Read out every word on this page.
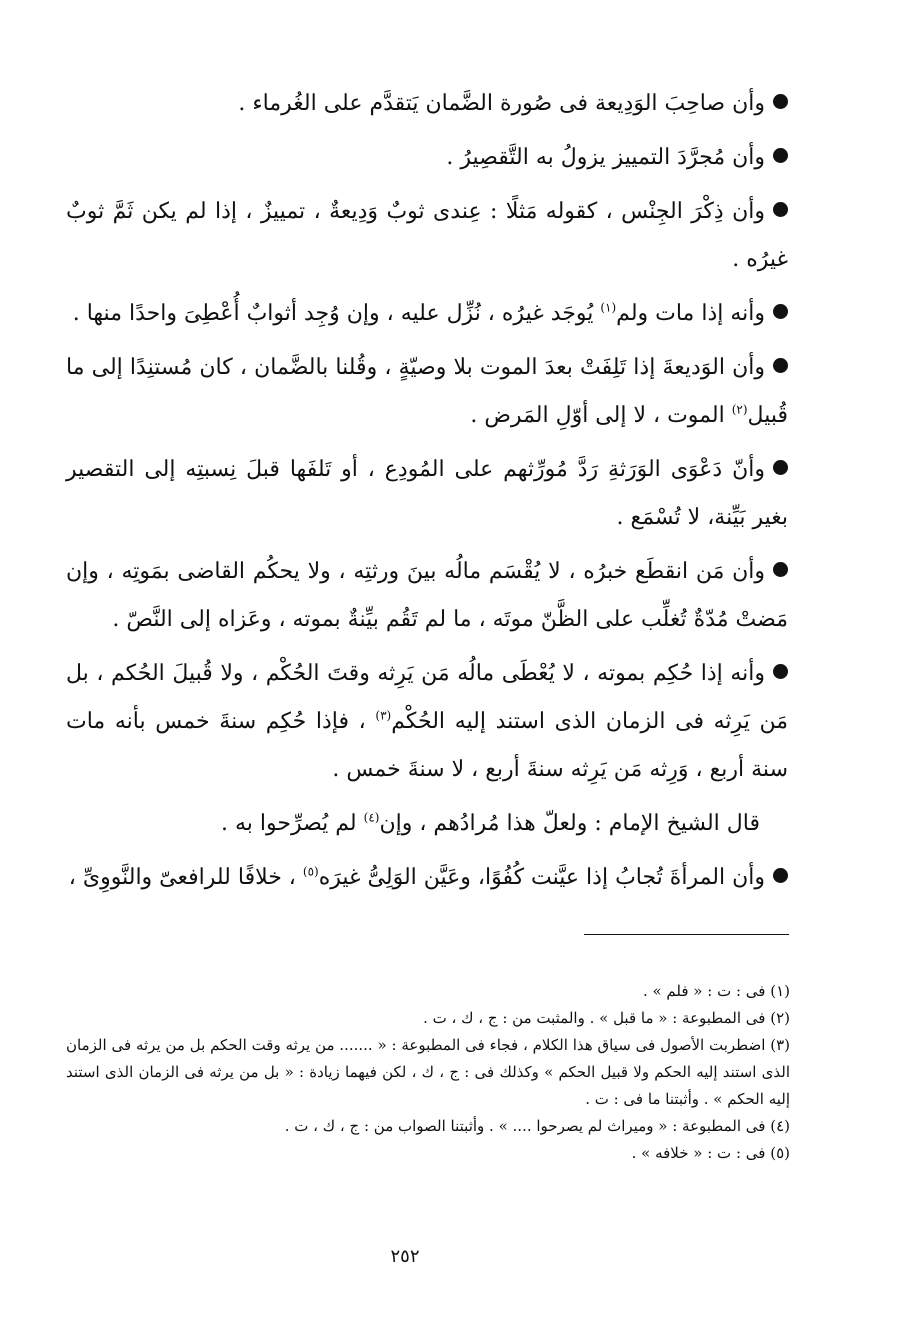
وأن صاحِبَ الوَدِيعة فى صُورة الضَّمان يَتقدَّم على الغُرماء .

وأن مُجرَّدَ التمييز يزولُ به التَّقصِيرُ .

وأن ذِكْرَ الجِنْس ، كقوله مَثلًا : عِندى ثوبٌ وَدِيعةٌ ، تمييزٌ ، إذا لم يكن ثَمَّ ثوبٌ غيرُه .

وأنه إذا مات ولم$^{(١)}$ يُوجَد غيرُه ، نُزِّل عليه ، وإن وُجِد أثوابٌ أُعْطِىَ واحدًا منها .

وأن الوَديعةَ إذا تَلِفَتْ بعدَ الموت بلا وصيّةٍ ، وقُلنا بالضَّمان ، كان مُستنِدًا إلى ما قُبيل$^{(٢)}$ الموت ، لا إلى أوّلِ المَرض .

وأنّ دَعْوَى الوَرَثةِ رَدَّ مُورِّثهم على المُودِع ، أو تَلفَها قبلَ نِسبتِه إلى التقصير بغير بَيِّنة، لا تُسْمَع .

وأن مَن انقطَع خبرُه ، لا يُقْسَم مالُه بينَ ورثتِه ، ولا يحكُم القاضى بمَوتِه ، وإن مَضتْ مُدّةٌ تُغلِّب على الظَّنّ موتَه ، ما لم تَقُم بيِّنةٌ بموته ، وعَزاه إلى النَّصّ .

وأنه إذا حُكِم بموته ، لا يُعْطَى مالُه مَن يَرِثه وقتَ الحُكْم ، ولا قُبيلَ الحُكم ، بل مَن يَرِثه فى الزمان الذى استند إليه الحُكْم$^{(٣)}$ ، فإذا حُكِم سنةَ خمس بأنه مات سنة أربع ، وَرِثه مَن يَرِثه سنةَ أربع ، لا سنةَ خمس .

قال الشيخ الإمام : ولعلّ هذا مُرادُهم ، وإن$^{(٤)}$ لم يُصرِّحوا به .

وأن المرأةَ تُجابُ إذا عيَّنت كُفُوًا، وعَيَّن الوَلِىُّ غيرَه$^{(٥)}$ ، خلافًا للرافعىّ والنَّووِىِّ ،

(١) فى : ت : « فلم » .

(٢) فى المطبوعة : « ما قبل » . والمثبت من : ج ، ك ، ت .

(٣) اضطربت الأصول فى سياق هذا الكلام ، فجاء فى المطبوعة : « ....... من يرثه وقت الحكم بل من يرثه فى الزمان الذى استند إليه الحكم ولا قبيل الحكم » وكذلك فى : ج ، ك ، لكن فيهما زيادة : « بل من يرثه فى الزمان الذى استند إليه الحكم » . وأثبتنا ما فى : ت .

(٤) فى المطبوعة : « وميراث لم يصرحوا .... » . وأثبتنا الصواب من : ج ، ك ، ت .

(٥) فى : ت : « خلافه » .

٢٥٢
